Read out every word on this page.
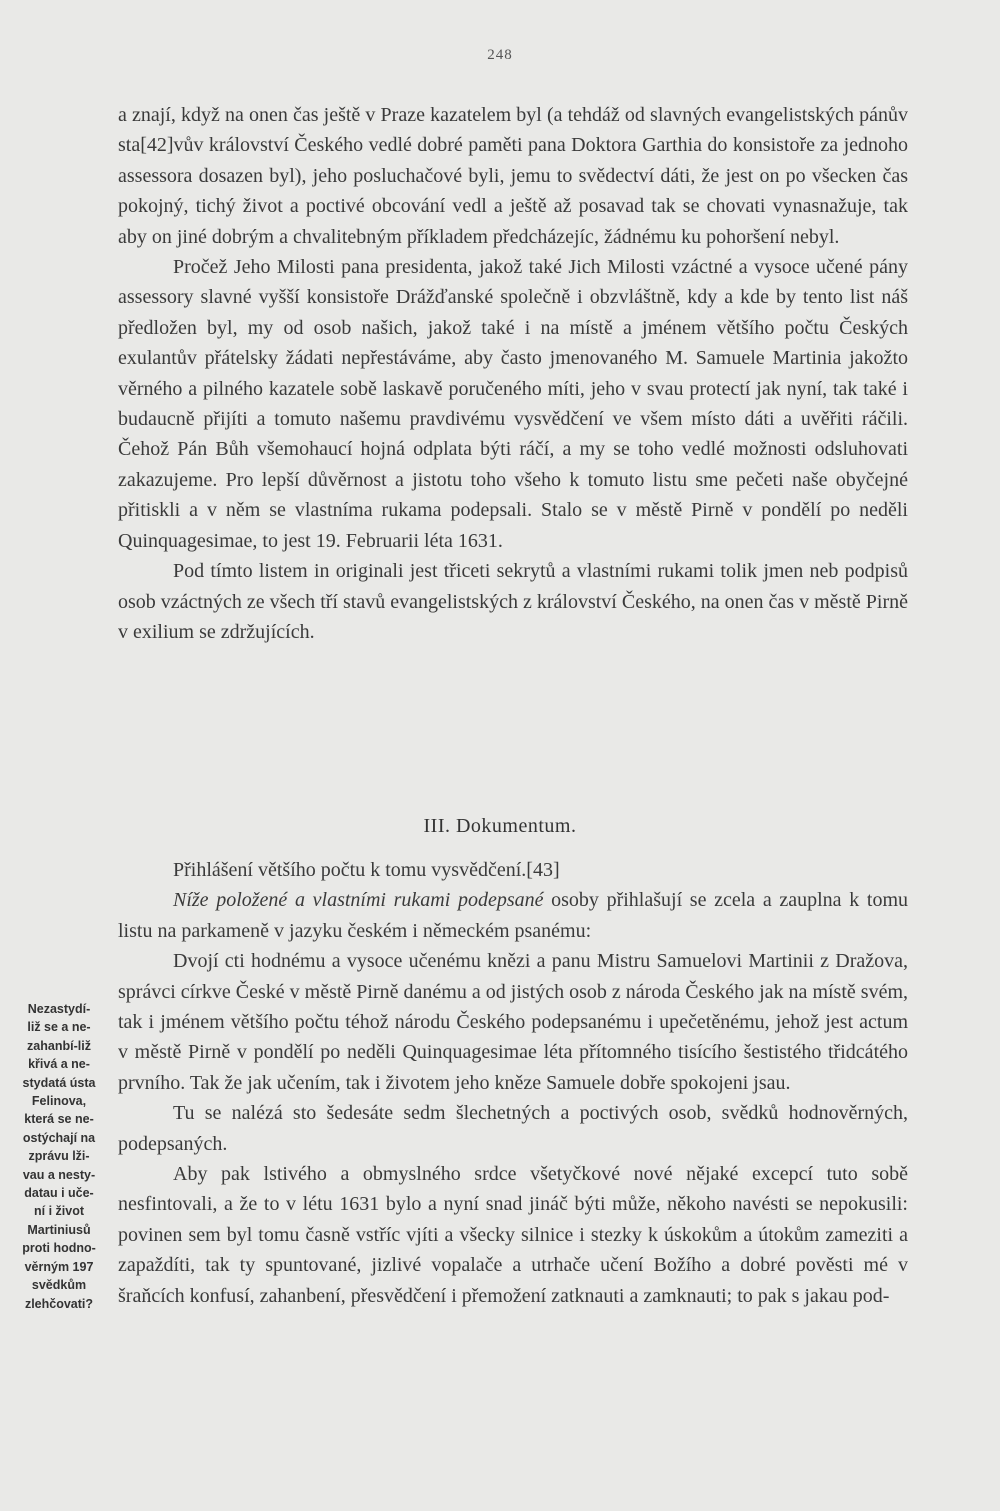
248

a znají, když na onen čas ještě v Praze kazatelem byl (a tehdáž od slavných evangelistských pánův sta[42]vův království Českého vedlé dobré paměti pana Doktora Garthia do konsistoře za jednoho assessora dosazen byl), jeho posluchačové byli, jemu to svědectví dáti, že jest on po všecken čas pokojný, tichý život a poctivé obcování vedl a ještě až posavad tak se chovati vynasnažuje, tak aby on jiné dobrým a chvalitebným příkladem předcházejíc, žádnému ku pohoršení nebyl.

Pročež Jeho Milosti pana presidenta, jakož také Jich Milosti vzáctné a vysoce učené pány assessory slavné vyšší konsistoře Drážďanské společně i obzvláštně, kdy a kde by tento list náš předložen byl, my od osob našich, jakož také i na místě a jménem většího počtu Českých exulantův přátelsky žádati nepřestáváme, aby často jmenovaného M. Samuele Martinia jakožto věrného a pilného kazatele sobě laskavě poručeného míti, jeho v svau protectí jak nyní, tak také i budaucně přijíti a tomuto našemu pravdivému vysvědčení ve všem místo dáti a uvěřiti ráčili. Čehož Pán Bůh všemohaucí hojná odplata býti ráčí, a my se toho vedlé možnosti odsluhovati zakazujeme. Pro lepší důvěrnost a jistotu toho všeho k tomuto listu sme pečeti naše obyčejné přitiskli a v něm se vlastníma rukama podepsali. Stalo se v městě Pirně v pondělí po neděli Quinquagesimae, to jest 19. Februarii léta 1631.

Pod tímto listem in originali jest třiceti sekrytů a vlastními rukami tolik jmen neb podpisů osob vzáctných ze všech tří stavů evangelistských z království Českého, na onen čas v městě Pirně v exilium se zdržujících.

III. Dokumentum.

Přihlášení většího počtu k tomu vysvědčení.[43]

Níže položené a vlastními rukami podepsané osoby přihlašují se zcela a zauplna k tomu listu na parkameně v jazyku českém i německém psanému:

Dvojí cti hodnému a vysoce učenému knězi a panu Mistru Samuelovi Martinii z Dražova, správci církve České v městě Pirně danému a od jistých osob z národa Českého jak na místě svém, tak i jménem většího počtu téhož národu Českého podepsanému i upečetěnému, jehož jest actum v městě Pirně v pondělí po neděli Quinquagesimae léta přítomného tisícího šestistého třidcátého prvního. Tak že jak učením, tak i životem jeho kněze Samuele dobře spokojeni jsau.

Tu se nalézá sto šedesáte sedm šlechetných a poctivých osob, svědků hodnověrných, podepsaných.

Aby pak lstivého a obmyslného srdce všetyčkové nové nějaké excepcí tuto sobě nesfintovali, a že to v létu 1631 bylo a nyní snad jináč býti může, někoho navésti se nepokusili: povinen sem byl tomu časně vstříc vjíti a všecky silnice i stezky k úskokům a útokům zameziti a zapaždíti, tak ty spuntované, jizlivé vopalače a utrhače učení Božího a dobré pověsti mé v šraňcích konfusí, zahanbení, přesvědčení i přemožení zatknauti a zamknauti; to pak s jakau pod-

Nezastydí-
liž se a ne-
zahanbí-liž
křivá a ne-
stydatá ústa
Felinova,
která se ne-
ostýchají na
zprávu lži-
vau a nesty-
datau i uče-
ní i život
Martiniusů
proti hodno-
věrným 197
svědkům
zlehčovati?
